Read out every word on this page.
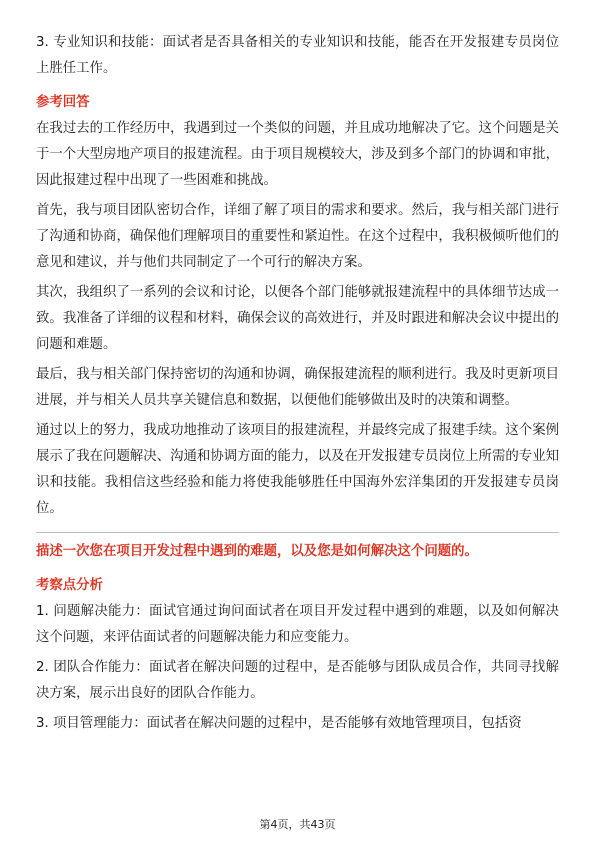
3. 专业知识和技能：面试者是否具备相关的专业知识和技能，能否在开发报建专员岗位上胜任工作。

参考回答

在我过去的工作经历中，我遇到过一个类似的问题，并且成功地解决了它。这个问题是关于一个大型房地产项目的报建流程。由于项目规模较大，涉及到多个部门的协调和审批，因此报建过程中出现了一些困难和挑战。

首先，我与项目团队密切合作，详细了解了项目的需求和要求。然后，我与相关部门进行了沟通和协商，确保他们理解项目的重要性和紧迫性。在这个过程中，我积极倾听他们的意见和建议，并与他们共同制定了一个可行的解决方案。

其次，我组织了一系列的会议和讨论，以便各个部门能够就报建流程中的具体细节达成一致。我准备了详细的议程和材料，确保会议的高效进行，并及时跟进和解决会议中提出的问题和难题。

最后，我与相关部门保持密切的沟通和协调，确保报建流程的顺利进行。我及时更新项目进展，并与相关人员共享关键信息和数据，以便他们能够做出及时的决策和调整。

通过以上的努力，我成功地推动了该项目的报建流程，并最终完成了报建手续。这个案例展示了我在问题解决、沟通和协调方面的能力，以及在开发报建专员岗位上所需的专业知识和技能。我相信这些经验和能力将使我能够胜任中国海外宏洋集团的开发报建专员岗位。

描述一次您在项目开发过程中遇到的难题，以及您是如何解决这个问题的。
考察点分析

1. 问题解决能力：面试官通过询问面试者在项目开发过程中遇到的难题，以及如何解决这个问题，来评估面试者的问题解决能力和应变能力。

2. 团队合作能力：面试者在解决问题的过程中，是否能够与团队成员合作，共同寻找解决方案，展示出良好的团队合作能力。

3. 项目管理能力：面试者在解决问题的过程中，是否能够有效地管理项目，包括资

第4页，共43页
